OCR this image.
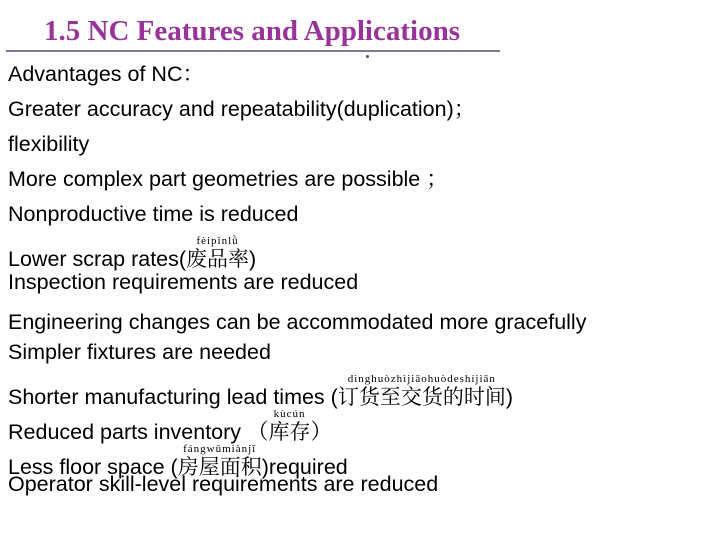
1.5 NC Features and Applications
Advantages of NC：
Greater accuracy and repeatability(duplication)；
flexibility
More complex part geometries are possible ；
Nonproductive time is reduced
Lower scrap rates(废品率fèipǐnlǜ)
Inspection requirements are reduced
Engineering changes can be accommodated more gracefully
Simpler fixtures are needed
Shorter manufacturing lead times (订货至交货的时间dìnghuòzhìjiāohuòdeshíjiān)
Reduced parts inventory （库存kùcún）
Less floor space (房屋面积fángwūmiànjī)required
Operator skill-level requirements are reduced
